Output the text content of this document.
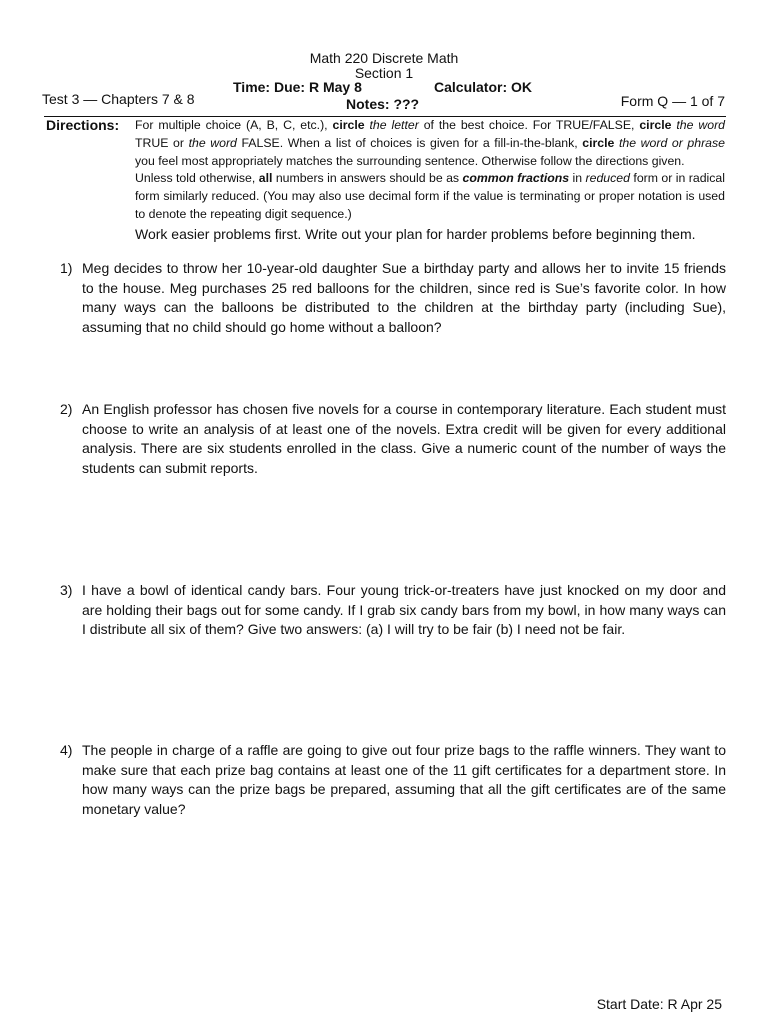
Math 220 Discrete Math
Section 1
Time: Due: R May 8	Calculator: OK
Notes: ???
Test 3 — Chapters 7 & 8	Form Q — 1 of 7
Directions: For multiple choice (A, B, C, etc.), circle the letter of the best choice. For TRUE/FALSE, circle the word TRUE or the word FALSE. When a list of choices is given for a fill-in-the-blank, circle the word or phrase you feel most appropriately matches the surrounding sentence. Otherwise follow the directions given.

Unless told otherwise, all numbers in answers should be as common fractions in reduced form or in radical form similarly reduced. (You may also use decimal form if the value is terminating or proper notation is used to denote the repeating digit sequence.)

Work easier problems first. Write out your plan for harder problems before beginning them.

1) Meg decides to throw her 10-year-old daughter Sue a birthday party and allows her to invite 15 friends to the house. Meg purchases 25 red balloons for the children, since red is Sue’s favorite color. In how many ways can the balloons be distributed to the children at the birthday party (including Sue), assuming that no child should go home without a balloon?
2) An English professor has chosen five novels for a course in contemporary literature. Each student must choose to write an analysis of at least one of the novels. Extra credit will be given for every additional analysis. There are six students enrolled in the class. Give a numeric count of the number of ways the students can submit reports.
3) I have a bowl of identical candy bars. Four young trick-or-treaters have just knocked on my door and are holding their bags out for some candy. If I grab six candy bars from my bowl, in how many ways can I distribute all six of them? Give two answers: (a) I will try to be fair (b) I need not be fair.
4) The people in charge of a raffle are going to give out four prize bags to the raffle winners. They want to make sure that each prize bag contains at least one of the 11 gift certificates for a department store. In how many ways can the prize bags be prepared, assuming that all the gift certificates are of the same monetary value?
Start Date: R Apr 25
